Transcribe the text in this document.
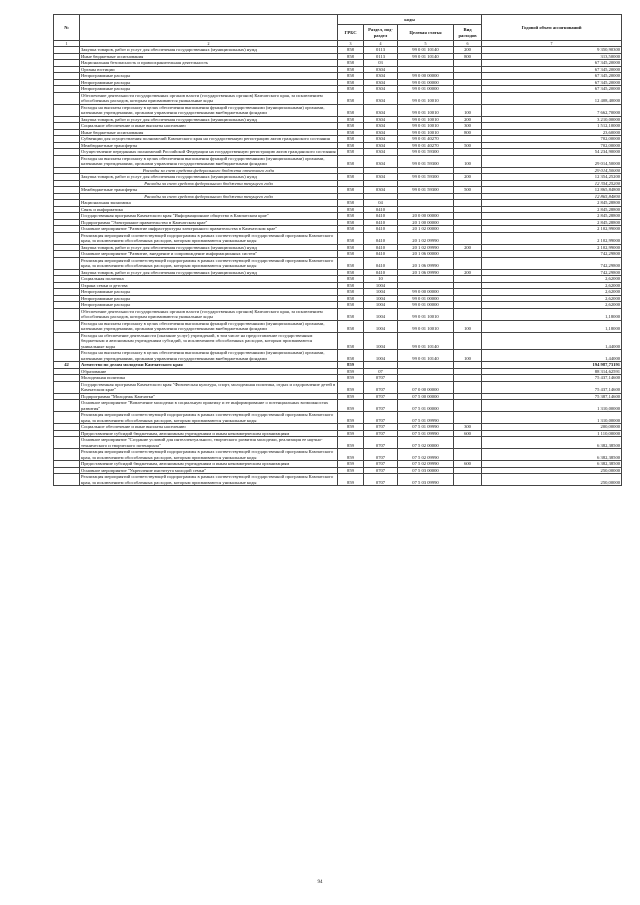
№		коды				Годовой объем ассигнований
		ГРБС	Раздел, под-раздел	Целевая статья	Вид расходов	
1	2	3	4	5	6	7
	Закупка товаров, работ и услуг для обеспечения государственных (муниципальных) нужд	858	0113	99 0 01 10140	200	9 350,90300
	Иные бюджетные ассигнования	858	0113	99 0 01 10140	800	313,50000
	Национальная безопасность и правоохранительная деятельность	858	03			67 345,20000
	Органы юстиции	858	0304			67 345,20000
	Непрограммные расходы	858	0304	99 0 00 00000		67 345,20000
	Непрограммные расходы	858	0304	99 0 01 00000		67 345,20000
	Непрограммные расходы	858	0304	99 0 01 00000		67 345,20000
	Обеспечение деятельности государственных органов власти (государственных органов) Камчатского края, за исключением обособленных расходов, которым присваиваются уникальные коды	858	0304	99 0 01 10010		12 408,40000
	Расходы на выплаты персоналу в целях обеспечения выполнения функций государственными (муниципальными) органами, казенными учреждениями, органами управления государственными внебюджетными фондами	858	0304	99 0 01 10010	100	7 662,70000
	Закупка товаров, работ и услуг для обеспечения государственных (муниципальных) нужд	858	0304	99 0 01 10010	200	3 210,00000
	Социальное обеспечение и иные выплаты населению	858	0304	99 0 01 10010	300	1 512,10000
	Иные бюджетные ассигнования	858	0304	99 0 01 10010	800	23,60000
	Субвенции для осуществления полномочий Камчатского края на государственную регистрацию актов гражданского состояния	858	0304	99 0 01 40270		702,00000
	Межбюджетные трансферты	858	0304	99 0 01 40270	500	702,00000
	Осуществление переданных полномочий Российской Федерации на государственную регистрацию актов гражданского состояния	858	0304	99 0 01 59300		54 234,90000
	Расходы на выплаты персоналу в целях обеспечения выполнения функций государственными (муниципальными) органами, казенными учреждениями, органами управления государственными внебюджетными фондами	858	0304	99 0 01 59300	100	29 014,50000
	Расходы за счет средств федерального бюджета отчетного года					29 014,50000
	Закупка товаров, работ и услуг для обеспечения государственных (муниципальных) нужд	858	0304	99 0 01 59300	200	12 354,25200
	Расходы за счет средств федерального бюджета текущего года					12 354,25200
	Межбюджетные трансферты	858	0304	99 0 01 59300	500	12 865,84800
	Расходы за счет средств федерального бюджета текущего года					12 865,84800
	Национальная экономика	858	04			2 845,28800
	Связь и информатика	858	0410			2 845,28800
	Государственная программа Камчатского края "Информационное общество в Камчатском крае"	858	0410	20 0 00 00000		2 845,28800
	Подпрограмма "Электронное правительство в Камчатском крае"	858	0410	20 1 00 00000		2 845,28800
	Основное мероприятие "Развитие инфраструктуры электронного правительства в Камчатском крае"	858	0410	20 1 02 00000		2 102,99000
	Реализация мероприятий соответствующей подпрограммы в рамках соответствующей государственной программы Камчатского края, за исключением обособленных расходов, которым присваиваются уникальные коды	858	0410	20 1 02 09990		2 102,99000
	Закупка товаров, работ и услуг для обеспечения государственных (муниципальных) нужд	858	0410	20 1 02 09990	200	2 102,99000
	Основное мероприятие "Развитие, внедрение и сопровождение информационных систем"	858	0410	20 1 06 00000		742,29800
	Реализация мероприятий соответствующей подпрограммы в рамках соответствующей государственной программы Камчатского края, за исключением обособленных расходов, которым присваиваются уникальные коды	858	0410	20 1 06 09990		742,29800
	Закупка товаров, работ и услуг для обеспечения государственных (муниципальных) нужд	858	0410	20 1 06 09990	200	742,29800
	Социальная политика	858	10			2,62000
	Охрана семьи и детства	858	1004			2,62000
	Непрограммные расходы	858	1004	99 0 00 00000		2,62000
	Непрограммные расходы	858	1004	99 0 01 00000		2,62000
	Непрограммные расходы	858	1004	99 0 01 00000		2,62000
	Обеспечение деятельности государственных органов власти (государственных органов) Камчатского края, за исключением обособленных расходов, которым присваиваются уникальные коды	858	1004	99 0 01 10010		1,18000
	Расходы на выплаты персоналу в целях обеспечения выполнения функций государственными (муниципальными) органами, казенными учреждениями, органами управления государственными внебюджетными фондами	858	1004	99 0 01 10010	100	1,18000
	Расходы на обеспечение деятельности (оказание услуг) учреждений, в том числе на предоставление государственным бюджетным и автономным учреждениям субсидий, за исключением обособленных расходов, которым присваиваются уникальные коды	858	1004	99 0 01 10140		1,44000
	Расходы на выплаты персоналу в целях обеспечения выполнения функций государственными (муниципальными) органами, казенными учреждениями, органами управления государственными внебюджетными фондами	858	1004	99 0 01 10140	100	1,44000
42	Агентство по делам молодежи Камчатского края	859				194 987,73191
	Образование	859	07			88 314,62591
	Молодежная политика	859	0707			75 437,14600
	Государственная программа Камчатского края "Физическая культура, спорт, молодежная политика, отдых и оздоровление детей в Камчатском крае"	859	0707	07 0 00 00000		75 437,14600
	Подпрограмма "Молодежь Камчатки"	859	0707	07 5 00 00000		75 387,14600
	Основное мероприятие "Вовлечение молодежи в социальную практику и ее информирование о потенциальных возможностях развития"	859	0707	07 5 01 00000		1 310,00000
	Реализация мероприятий соответствующей подпрограммы в рамках соответствующей государственной программы Камчатского края, за исключением обособленных расходов, которым присваиваются уникальные коды	859	0707	07 5 01 09990		1 310,00000
	Социальное обеспечение и иные выплаты населению	859	0707	07 5 01 09990	300	200,00000
	Предоставление субсидий бюджетным, автономным учреждениям и иным некоммерческим организациям	859	0707	07 5 01 09990	600	1 110,00000
	Основное мероприятие "Создание условий для интеллектуального, творческого развития молодежи, реализация ее научно-технического и творческого потенциала"	859	0707	07 5 02 00000		6 382,38500
	Реализация мероприятий соответствующей подпрограммы в рамках соответствующей государственной программы Камчатского края, за исключением обособленных расходов, которым присваиваются уникальные коды	859	0707	07 5 02 09990		6 382,38500
	Предоставление субсидий бюджетным, автономным учреждениям и иным некоммерческим организациям	859	0707	07 5 02 09990	600	6 382,38500
	Основное мероприятие "Укрепление института молодой семьи"	859	0707	07 5 03 00000		250,00000
	Реализация мероприятий соответствующей подпрограммы в рамках соответствующей государственной программы Камчатского края, за исключением обособленных расходов, которым присваиваются уникальные коды	859	0707	07 5 03 09990		250,00000
94
